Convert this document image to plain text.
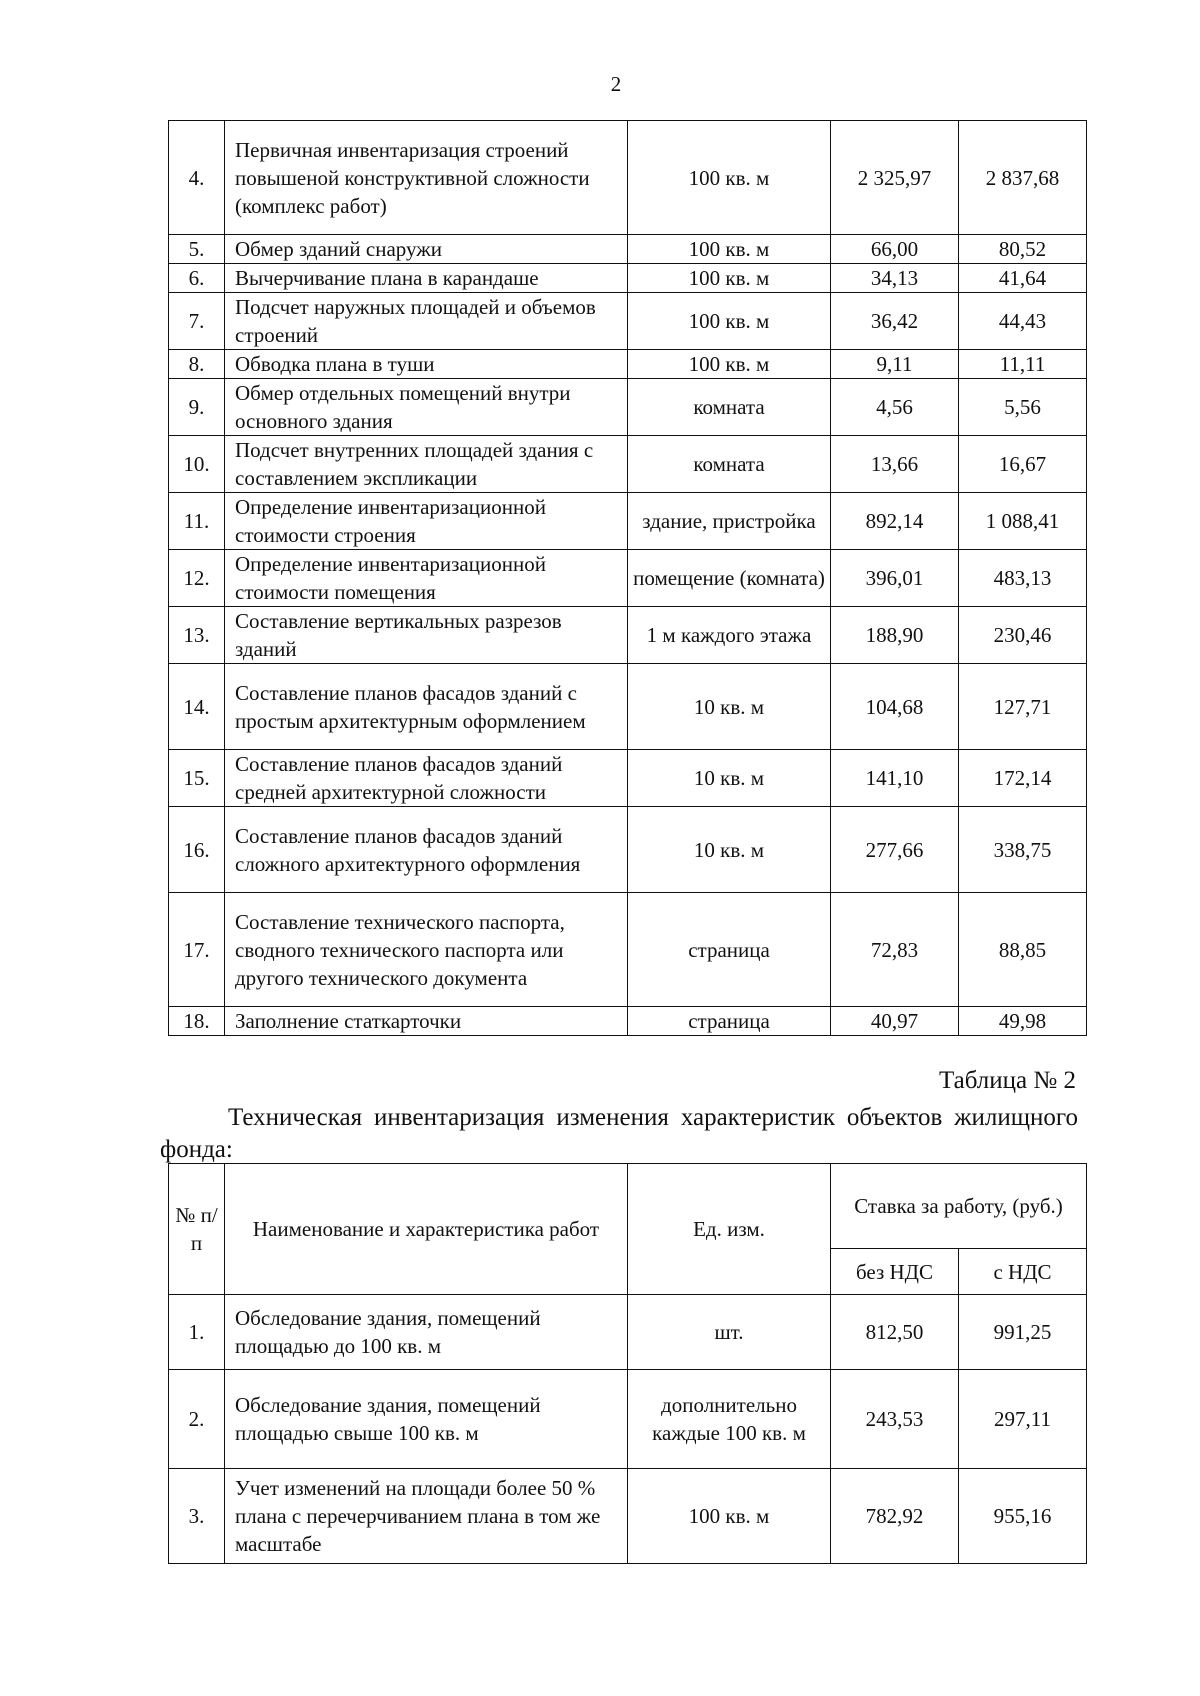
2
4.	Первичная инвентаризация строений повышеной конструктивной сложности (комплекс работ)	100 кв. м	2 325,97	2 837,68
5.	Обмер зданий снаружи	100 кв. м	66,00	80,52
6.	Вычерчивание плана в карандаше	100 кв. м	34,13	41,64
7.	Подсчет наружных площадей и объемов строений	100 кв. м	36,42	44,43
8.	Обводка плана в туши	100 кв. м	9,11	11,11
9.	Обмер отдельных помещений внутри основного здания	комната	4,56	5,56
10.	Подсчет внутренних площадей здания с составлением экспликации	комната	13,66	16,67
11.	Определение инвентаризационной стоимости строения	здание, пристройка	892,14	1 088,41
12.	Определение инвентаризационной стоимости помещения	помещение (комната)	396,01	483,13
13.	Составление вертикальных разрезов зданий	1 м каждого этажа	188,90	230,46
14.	Составление планов фасадов зданий с простым архитектурным оформлением	10 кв. м	104,68	127,71
15.	Составление планов фасадов зданий средней архитектурной сложности	10 кв. м	141,10	172,14
16.	Составление планов фасадов зданий сложного архитектурного оформления	10 кв. м	277,66	338,75
17.	Составление технического паспорта, сводного технического паспорта или другого технического документа	страница	72,83	88,85
18.	Заполнение статкарточки	страница	40,97	49,98
Таблица № 2
Техническая инвентаризация изменения характеристик объектов жилищного фонда:
№ п/п	Наименование и характеристика работ	Ед. изм.	Ставка за работу, (руб.)	
			без НДС	с НДС
1.	Обследование здания, помещений площадью до 100 кв. м	шт.	812,50	991,25
2.	Обследование здания, помещений площадью свыше 100 кв. м	дополнительно каждые 100 кв. м	243,53	297,11
3.	Учет изменений на площади более 50 % плана с перечерчиванием плана в том же масштабе	100 кв. м	782,92	955,16
